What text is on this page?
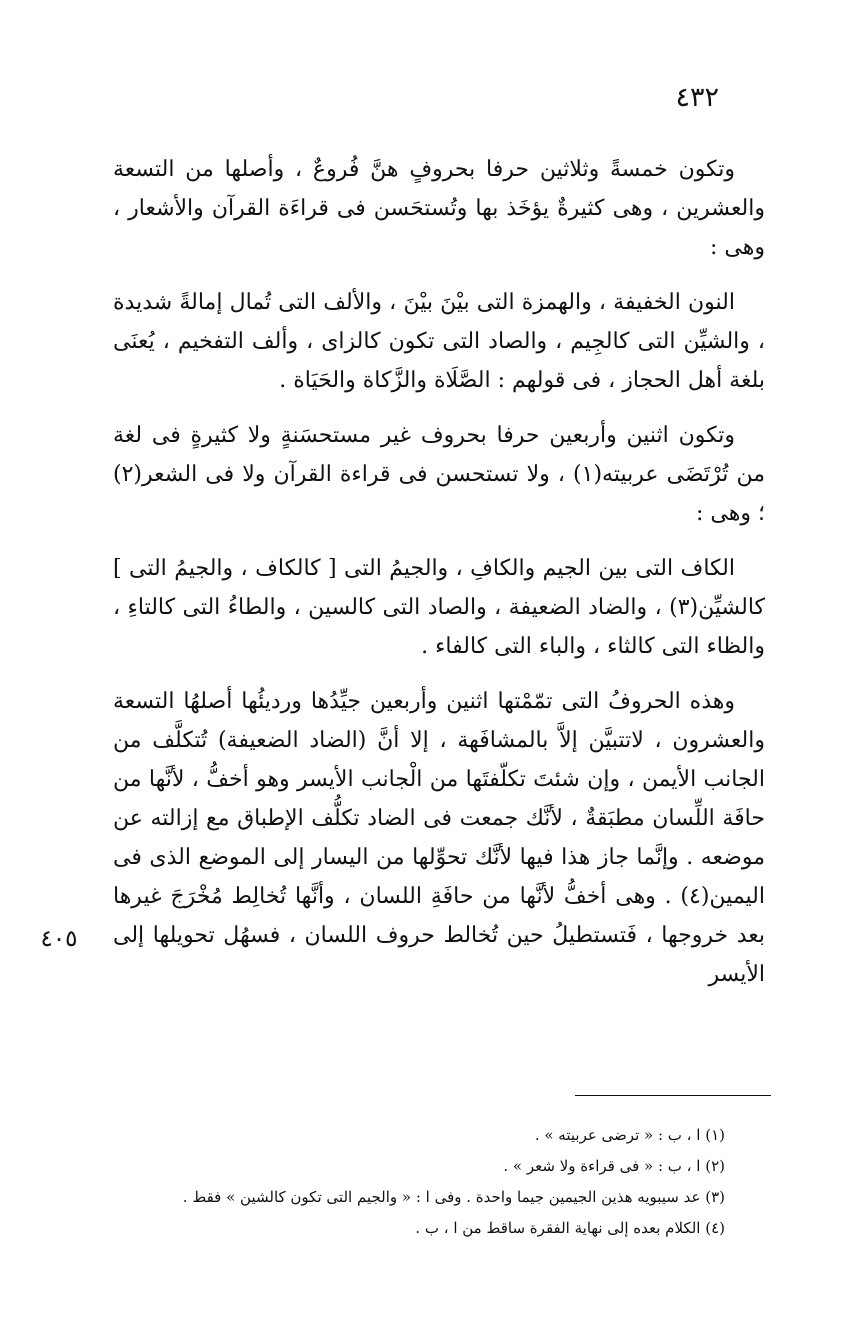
٤٣٢

وتكون خمسةً وثلاثين حرفا بحروفٍ هنَّ فُروعٌ ، وأصلها من التسعة والعشرين ، وهى كثيرةٌ يؤخَذ بها وتُستحَسن فى قراءَة القرآن والأشعار ، وهى :

النون الخفيفة ، والهمزة التى بيْنَ بيْنَ ، والألف التى تُمال إمالةً شديدة ، والشيِّن التى كالجِيم ، والصاد التى تكون كالزاى ، وألف التفخيم ، يُعنَى بلغة أهل الحجاز ، فى قولهم : الصَّلَاة والزَّكاة والحَيَاة .

وتكون اثنين وأربعين حرفا بحروف غير مستحسَنةٍ ولا كثيرةٍ فى لغة من تُرْتَضَى عربيته(١) ، ولا تستحسن فى قراءة القرآن ولا فى الشعر(٢) ؛ وهى :

الكاف التى بين الجيم والكافِ ، والجيمُ التى [ كالكاف ، والجيمُ التى ] كالشيِّن(٣) ، والضاد الضعيفة ، والصاد التى كالسين ، والطاءُ التى كالتاءِ ، والظاء التى كالثاء ، والباء التى كالفاء .

وهذه الحروفُ التى تمّمْتها اثنين وأربعين جيِّدُها ورديئُها أصلهُا التسعة والعشرون ، لاتتبيَّن إلاَّ بالمشافَهة ، إلا أنَّ (الضاد الضعيفة) تُتكلَّف من الجانب الأيمن ، وإن شئتَ تكلّفتَها من الْجانب الأيسر وهو أخفُّ ، لأنَّها من حافَة اللِّسان مطبَقةٌ ، لأنَّك جمعت فى الضاد تكلُّف الإطباق مع إزالته عن موضعه . وإنَّما جاز هذا فيها لأنَّك تحوِّلها من اليسار إلى الموضع الذى فى اليمين(٤) . وهى أخفُّ لأنَّها من حافَةِ اللسان ، وأنَّها تُخالِط مُخْرَجَ غيرها بعد خروجها ، فَتستطيلُ حين تُخالط حروف اللسان ، فسهُل تحويلها إلى الأيسر

٤٠٥

(١) ا ، ب : « ترضى عربيته » .

(٢) ا ، ب : « فى قراءة ولا شعر » .

(٣) عد سيبويه هذين الجيمين جيما واحدة . وفى ا : « والجيم التى تكون كالشين » فقط .

(٤) الكلام بعده إلى نهاية الفقرة ساقط من ا ، ب .
